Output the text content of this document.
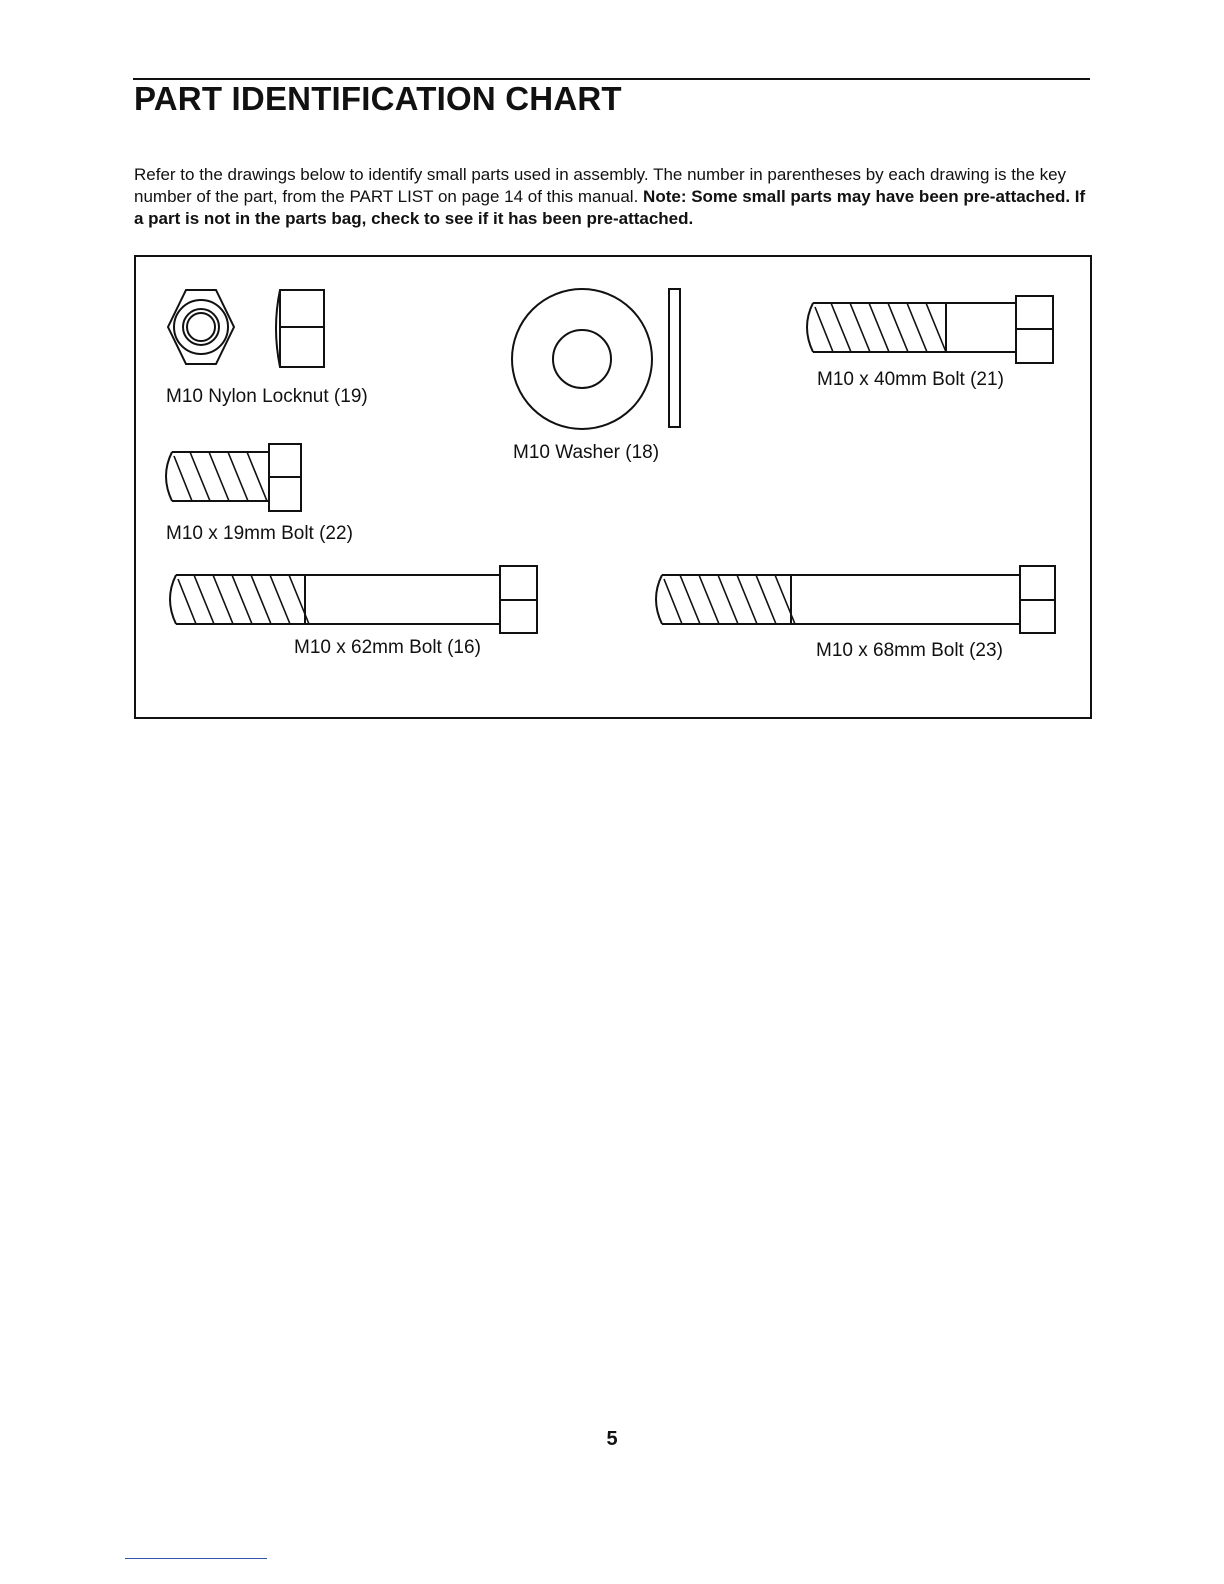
PART IDENTIFICATION CHART

Refer to the drawings below to identify small parts used in assembly. The number in parentheses by each drawing is the key number of the part, from the PART LIST on page 14 of this manual. Note: Some small parts may have been pre-attached. If a part is not in the parts bag, check to see if it has been pre-attached.

M10 Nylon Locknut (19)

M10 Washer (18)

M10 x 40mm Bolt (21)

M10 x 19mm Bolt (22)

M10 x 62mm Bolt (16)	M10 x 68mm Bolt (23)

5
